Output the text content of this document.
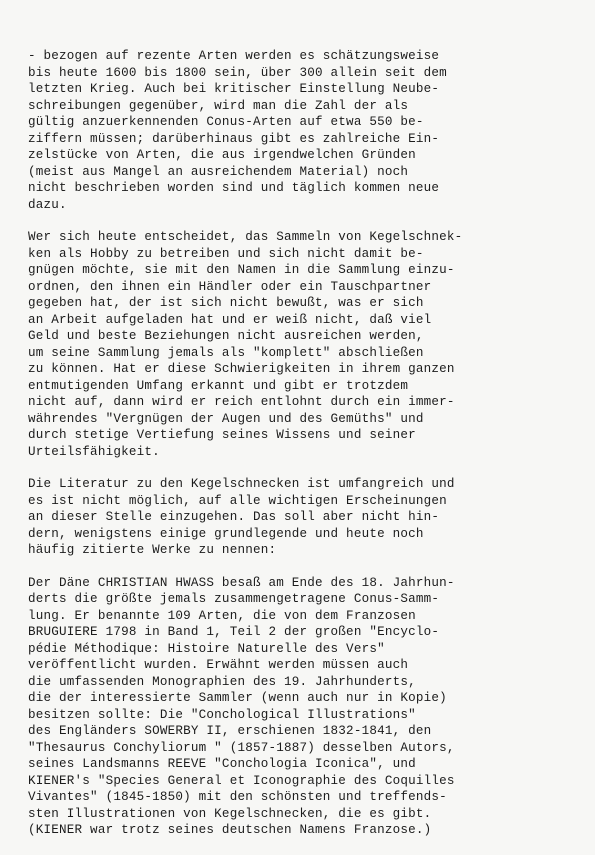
- bezogen auf rezente Arten werden es schätzungsweise
bis heute 1600 bis 1800 sein, über 300 allein seit dem
letzten Krieg. Auch bei kritischer Einstellung Neube-
schreibungen gegenüber, wird man die Zahl der als
gültig anzuerkennenden Conus-Arten auf etwa 550 be-
ziffern müssen; darüberhinaus gibt es zahlreiche Ein-
zelstücke von Arten, die aus irgendwelchen Gründen
(meist aus Mangel an ausreichendem Material) noch
nicht beschrieben worden sind und täglich kommen neue
dazu.
Wer sich heute entscheidet, das Sammeln von Kegelschnek-
ken als Hobby zu betreiben und sich nicht damit be-
gnügen möchte, sie mit den Namen in die Sammlung einzu-
ordnen, den ihnen ein Händler oder ein Tauschpartner
gegeben hat, der ist sich nicht bewußt, was er sich
an Arbeit aufgeladen hat und er weiß nicht, daß viel
Geld und beste Beziehungen nicht ausreichen werden,
um seine Sammlung jemals als "komplett" abschließen
zu können. Hat er diese Schwierigkeiten in ihrem ganzen
entmutigenden Umfang erkannt und gibt er trotzdem
nicht auf, dann wird er reich entlohnt durch ein immer-
währendes "Vergnügen der Augen und des Gemüths" und
durch stetige Vertiefung seines Wissens und seiner
Urteilsfähigkeit.
Die Literatur zu den Kegelschnecken ist umfangreich und
es ist nicht möglich, auf alle wichtigen Erscheinungen
an dieser Stelle einzugehen. Das soll aber nicht hin-
dern, wenigstens einige grundlegende und heute noch
häufig zitierte Werke zu nennen:
Der Däne CHRISTIAN HWASS besaß am Ende des 18. Jahrhun-
derts die größte jemals zusammengetragene Conus-Samm-
lung. Er benannte 109 Arten, die von dem Franzosen
BRUGUIERE 1798 in Band 1, Teil 2 der großen "Encyclo-
pédie Méthodique: Histoire Naturelle des Vers"
veröffentlicht wurden. Erwähnt werden müssen auch
die umfassenden Monographien des 19. Jahrhunderts,
die der interessierte Sammler (wenn auch nur in Kopie)
besitzen sollte: Die "Conchological Illustrations"
des Engländers SOWERBY II, erschienen 1832-1841, den
"Thesaurus Conchyliorum " (1857-1887) desselben Autors,
seines Landsmanns REEVE "Conchologia Iconica", und
KIENER's "Species General et Iconographie des Coquilles
Vivantes" (1845-1850) mit den schönsten und treffends-
sten Illustrationen von Kegelschnecken, die es gibt.
(KIENER war trotz seines deutschen Namens Franzose.)
